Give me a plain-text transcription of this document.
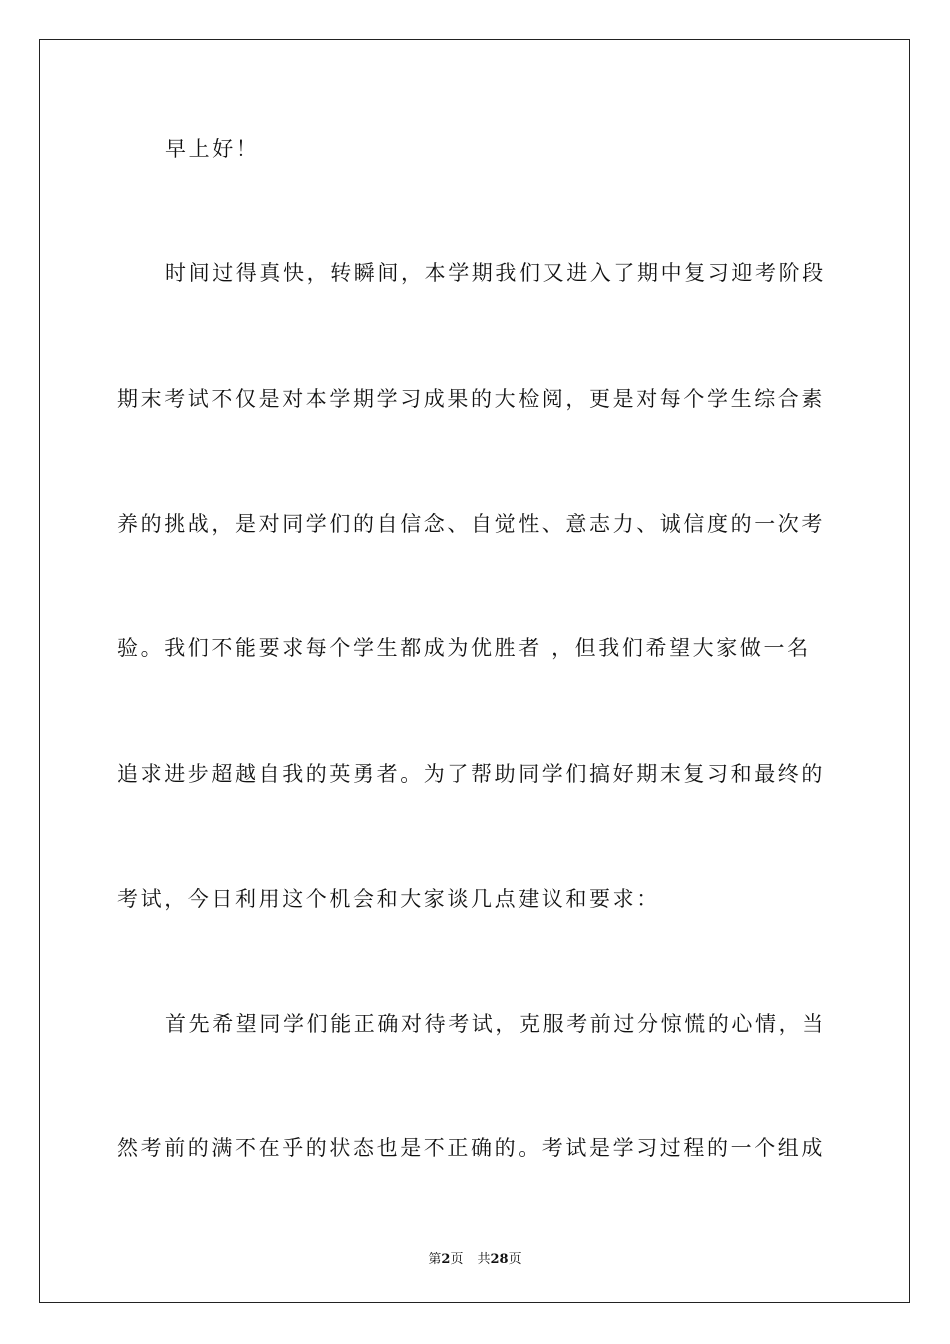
早上好！
时间过得真快，转瞬间，本学期我们又进入了期中复习迎考阶段
期末考试不仅是对本学期学习成果的大检阅，更是对每个学生综合素
养的挑战，是对同学们的自信念、自觉性、意志力、诚信度的一次考
验。我们不能要求每个学生都成为优胜者 ，但我们希望大家做一名
追求进步超越自我的英勇者。为了帮助同学们搞好期末复习和最终的
考试，今日利用这个机会和大家谈几点建议和要求：
首先希望同学们能正确对待考试，克服考前过分惊慌的心情，当
然考前的满不在乎的状态也是不正确的。考试是学习过程的一个组成
第2页 共28页
